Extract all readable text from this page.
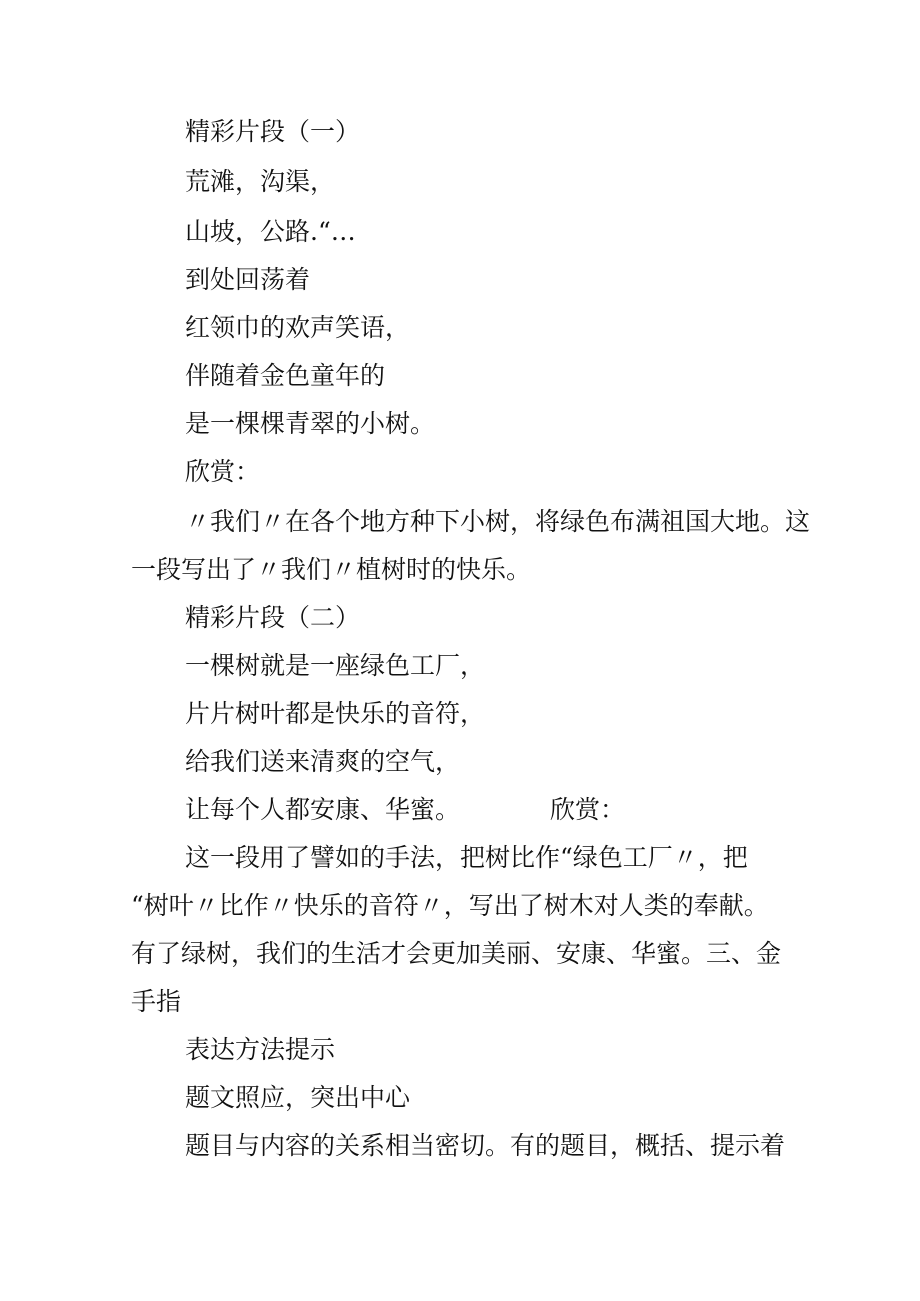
精彩片段（一）
荒滩，沟渠，
山坡，公路.“…
到处回荡着
红领巾的欢声笑语，
伴随着金色童年的
是一棵棵青翠的小树。
欣赏：
〃我们〃在各个地方种下小树，将绿色布满祖国大地。这
一段写出了〃我们〃植树时的快乐。
精彩片段（二）
一棵树就是一座绿色工厂，
片片树叶都是快乐的音符，
给我们送来清爽的空气，
让每个人都安康、华蜜。	欣赏：
这一段用了譬如的手法，把树比作“绿色工厂〃，把
“树叶〃比作〃快乐的音符〃，写出了树木对人类的奉献。
有了绿树，我们的生活才会更加美丽、安康、华蜜。三、金
手指
表达方法提示
题文照应，突出中心
题目与内容的关系相当密切。有的题目，概括、提示着
